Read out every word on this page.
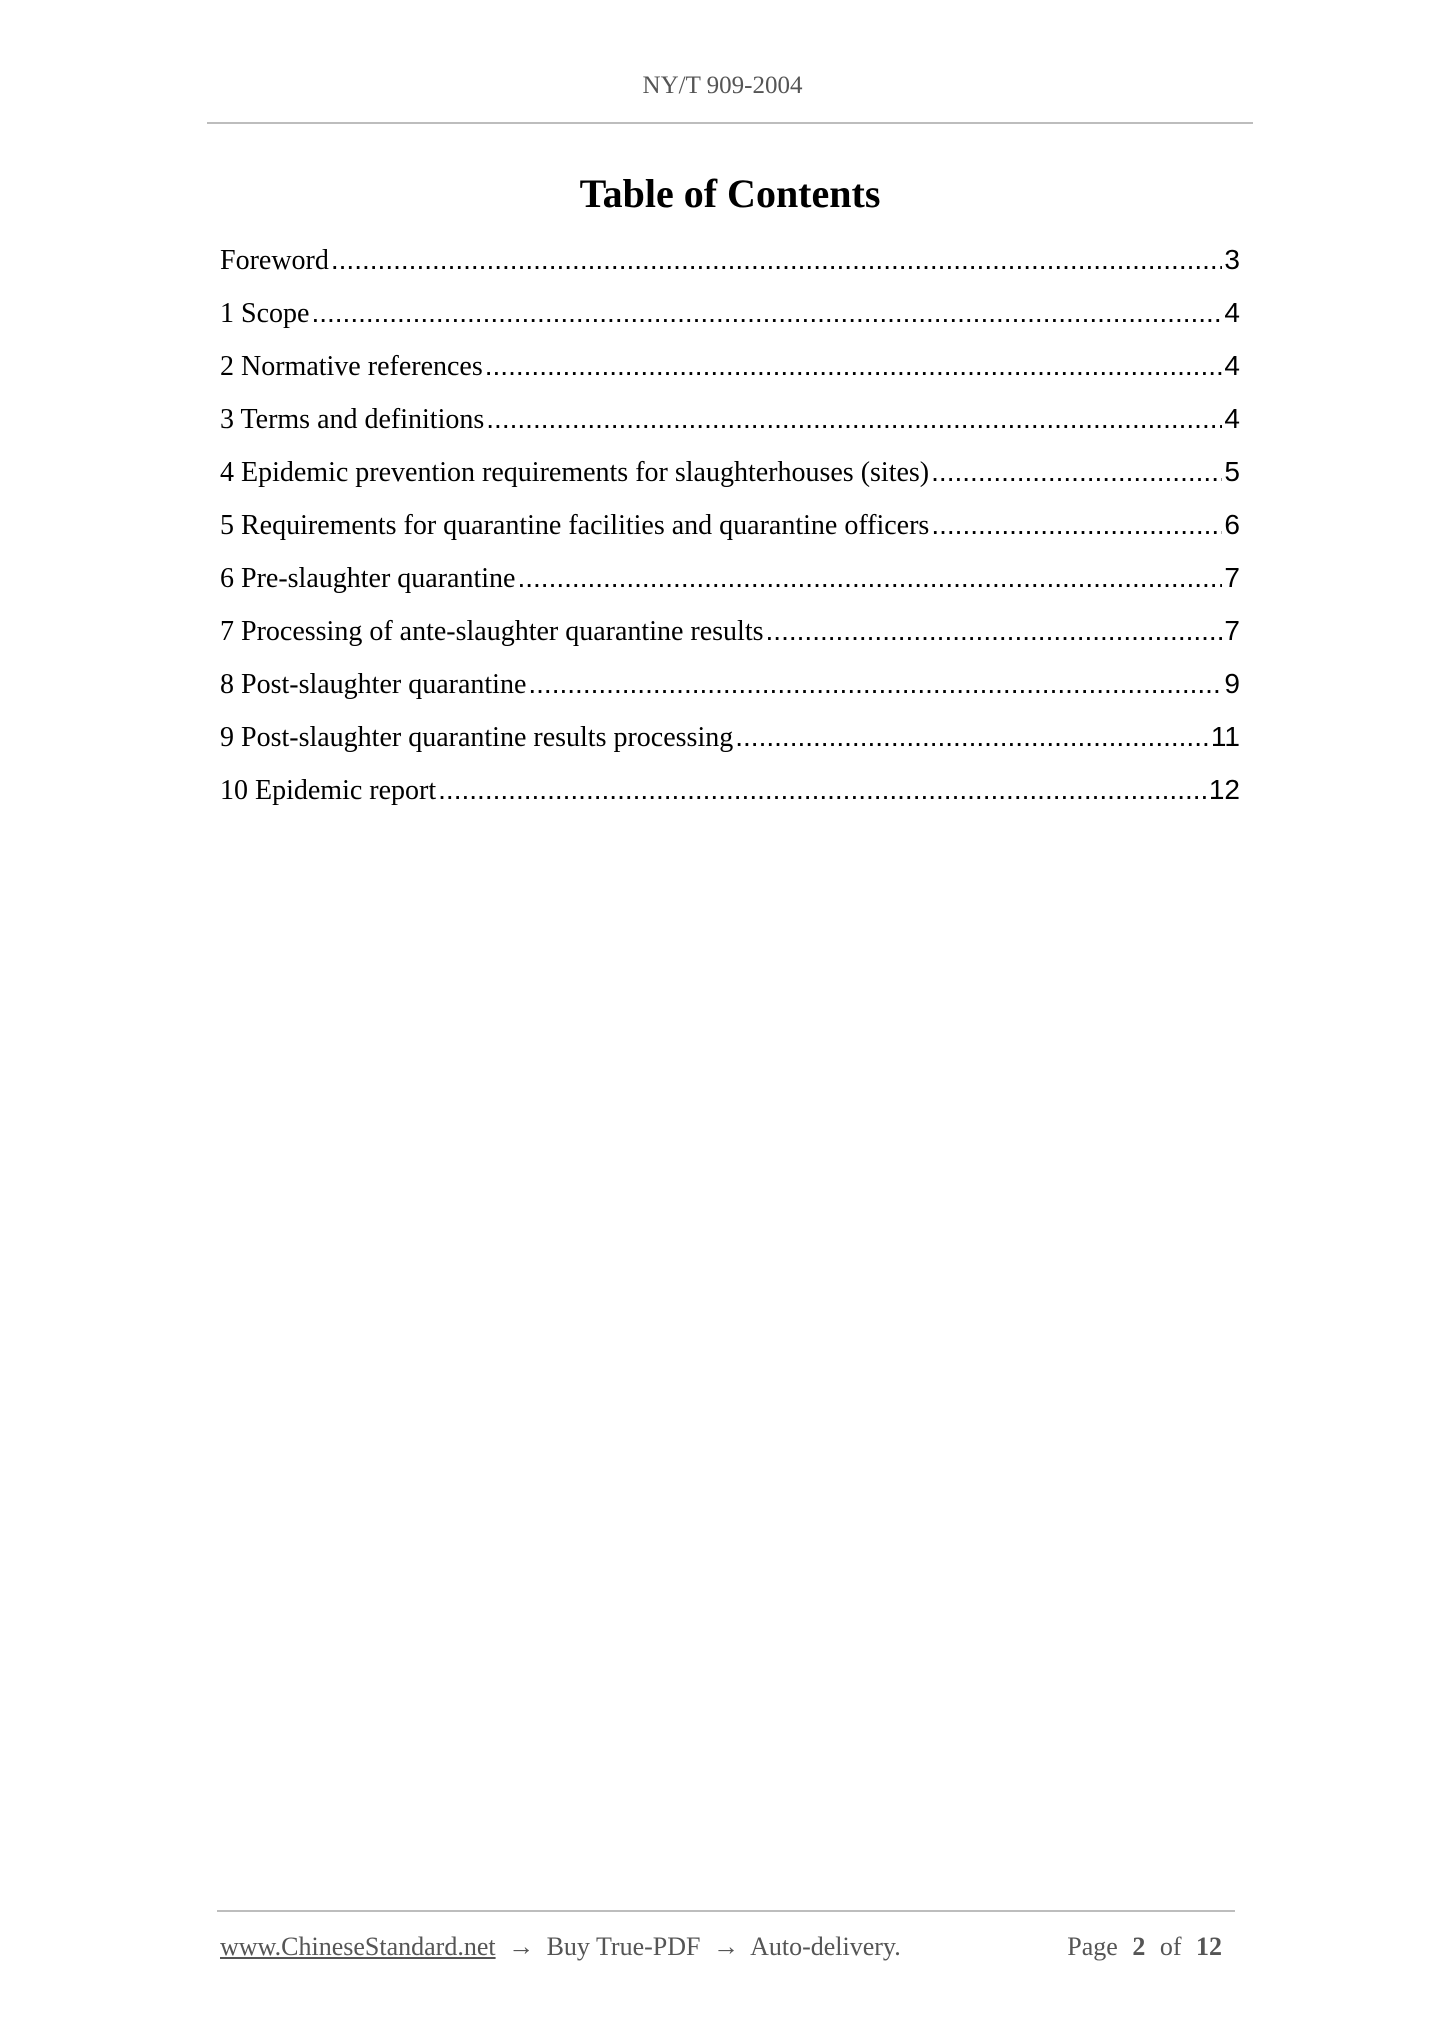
NY/T 909-2004
Table of Contents
Foreword .....	3
1 Scope .....	4
2 Normative references .....	4
3 Terms and definitions .....	4
4 Epidemic prevention requirements for slaughterhouses (sites) .....	5
5 Requirements for quarantine facilities and quarantine officers .....	6
6 Pre-slaughter quarantine .....	7
7 Processing of ante-slaughter quarantine results .....	7
8 Post-slaughter quarantine .....	9
9 Post-slaughter quarantine results processing .....	11
10 Epidemic report .....	12
www.ChineseStandard.net → Buy True-PDF → Auto-delivery.	Page 2 of 12
